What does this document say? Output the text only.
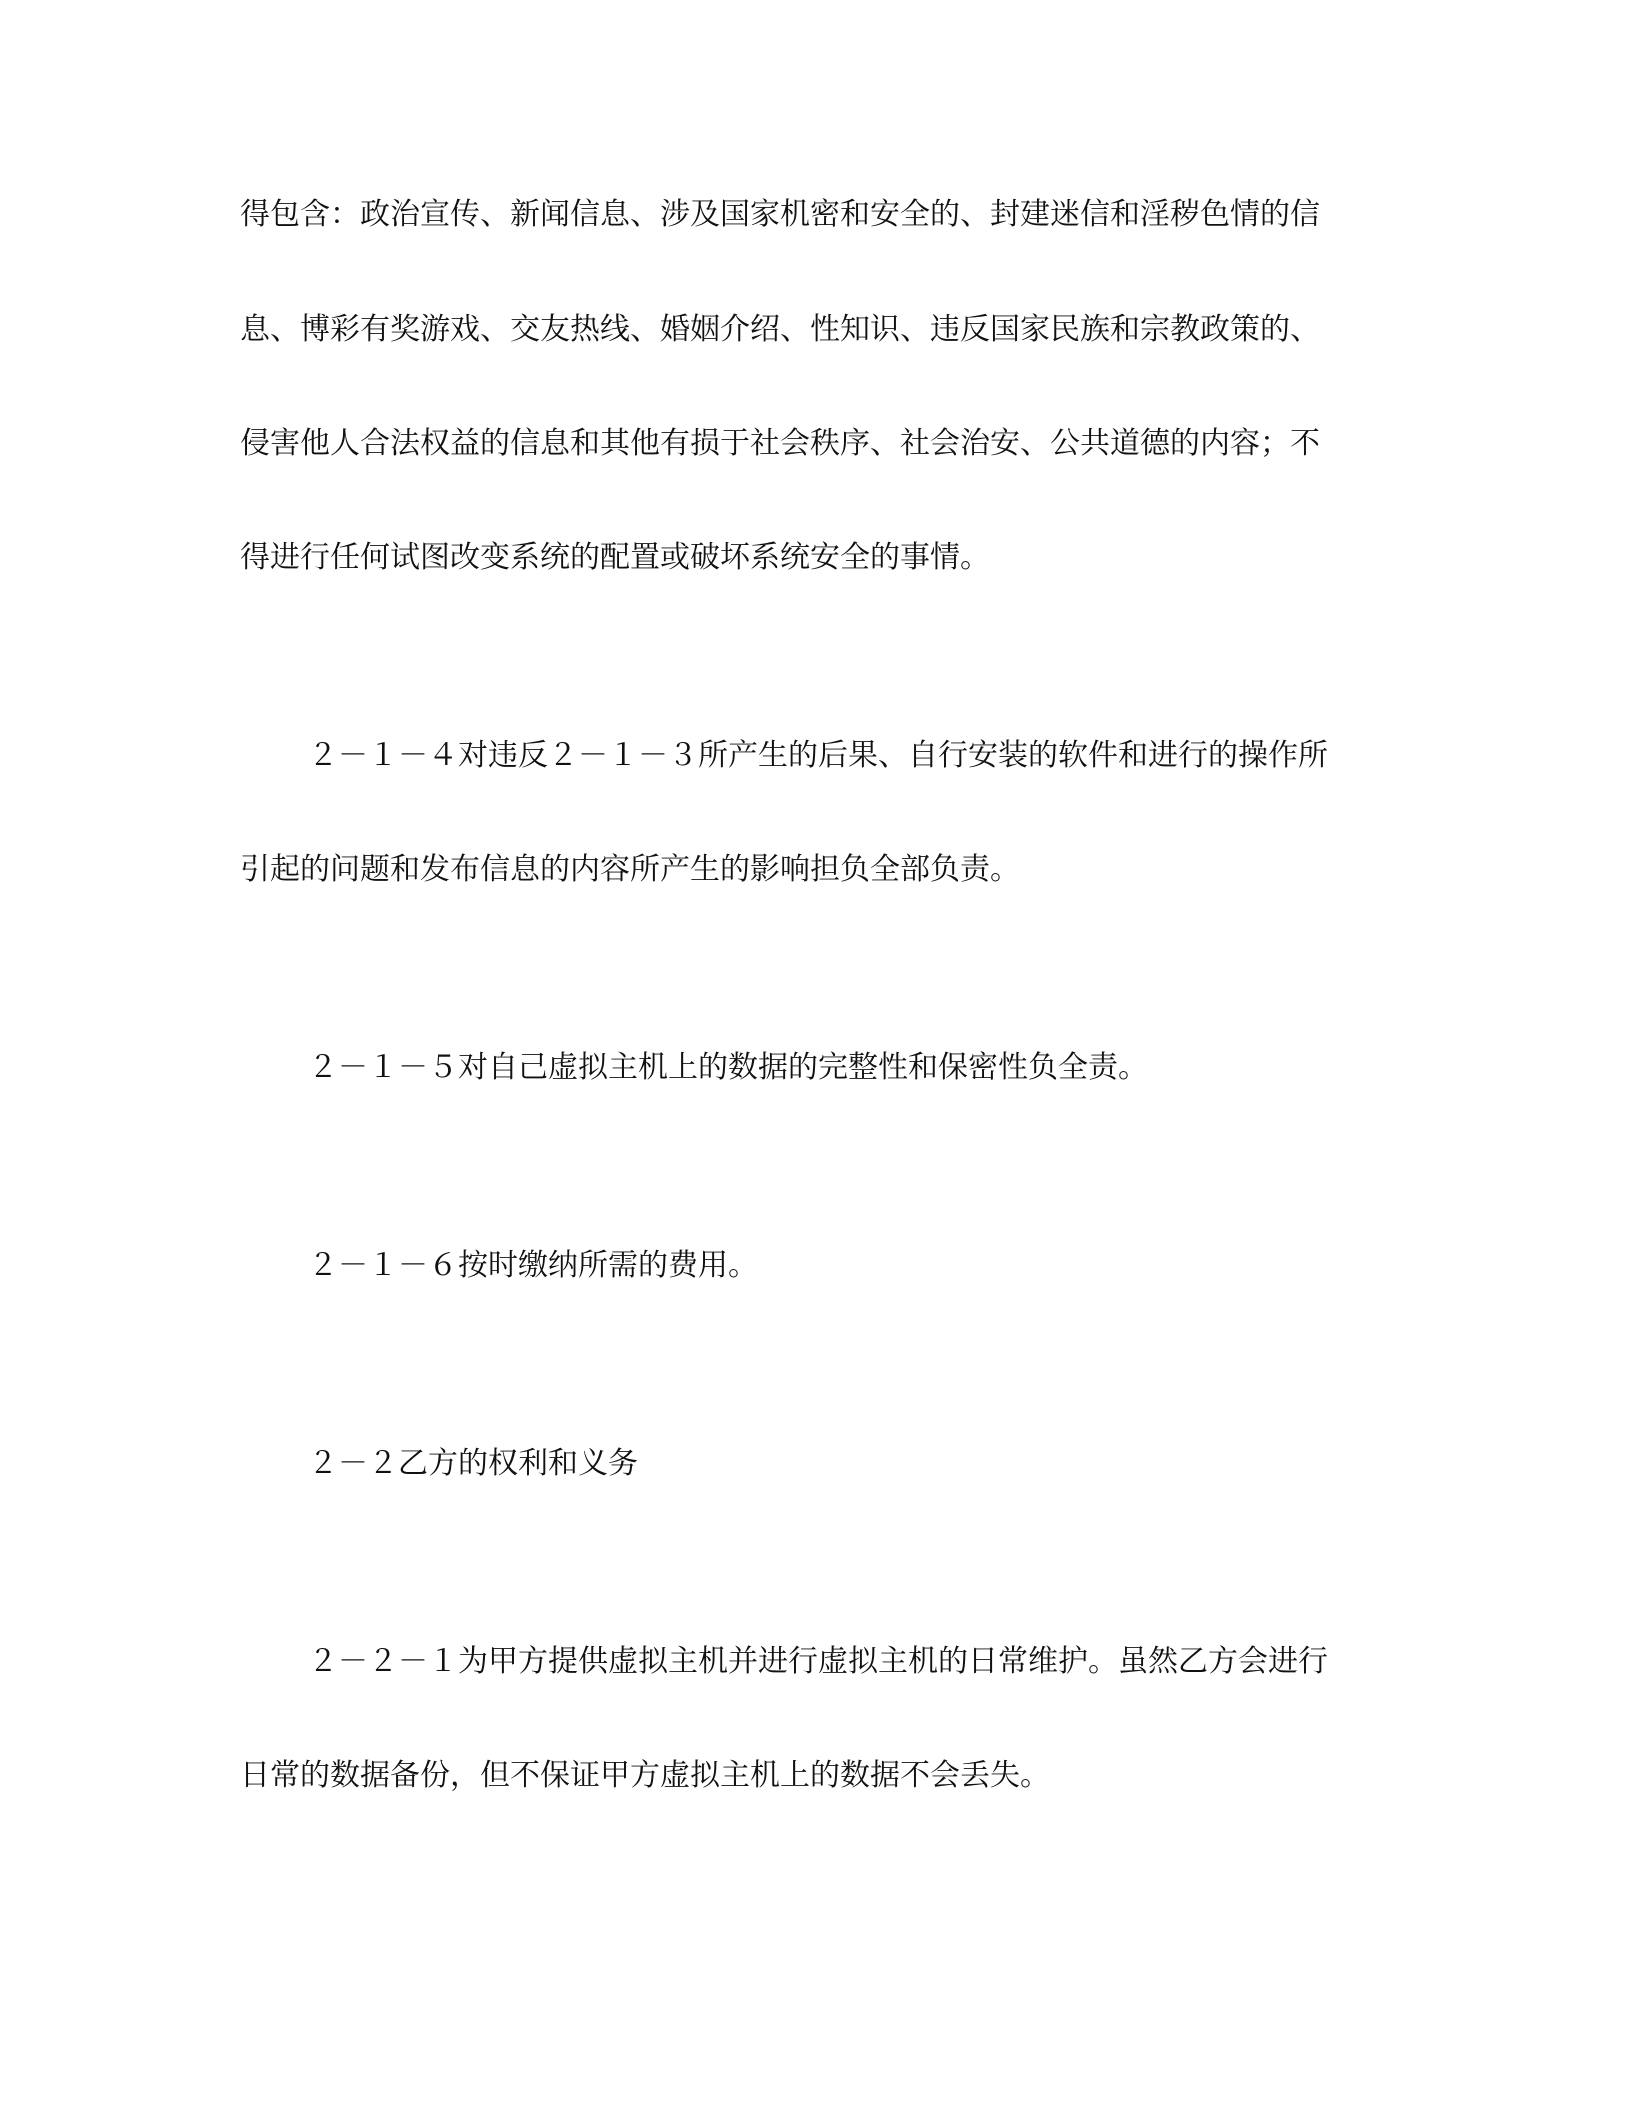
得包含：政治宣传、新闻信息、涉及国家机密和安全的、封建迷信和淫秽色情的信
息、博彩有奖游戏、交友热线、婚姻介绍、性知识、违反国家民族和宗教政策的、
侵害他人合法权益的信息和其他有损于社会秩序、社会治安、公共道德的内容；不
得进行任何试图改变系统的配置或破坏系统安全的事情。
２－１－４对违反２－１－３所产生的后果、自行安装的软件和进行的操作所
引起的问题和发布信息的内容所产生的影响担负全部负责。
２－１－５对自己虚拟主机上的数据的完整性和保密性负全责。
２－１－６按时缴纳所需的费用。
２－２乙方的权利和义务
２－２－１为甲方提供虚拟主机并进行虚拟主机的日常维护。虽然乙方会进行
日常的数据备份，但不保证甲方虚拟主机上的数据不会丢失。
